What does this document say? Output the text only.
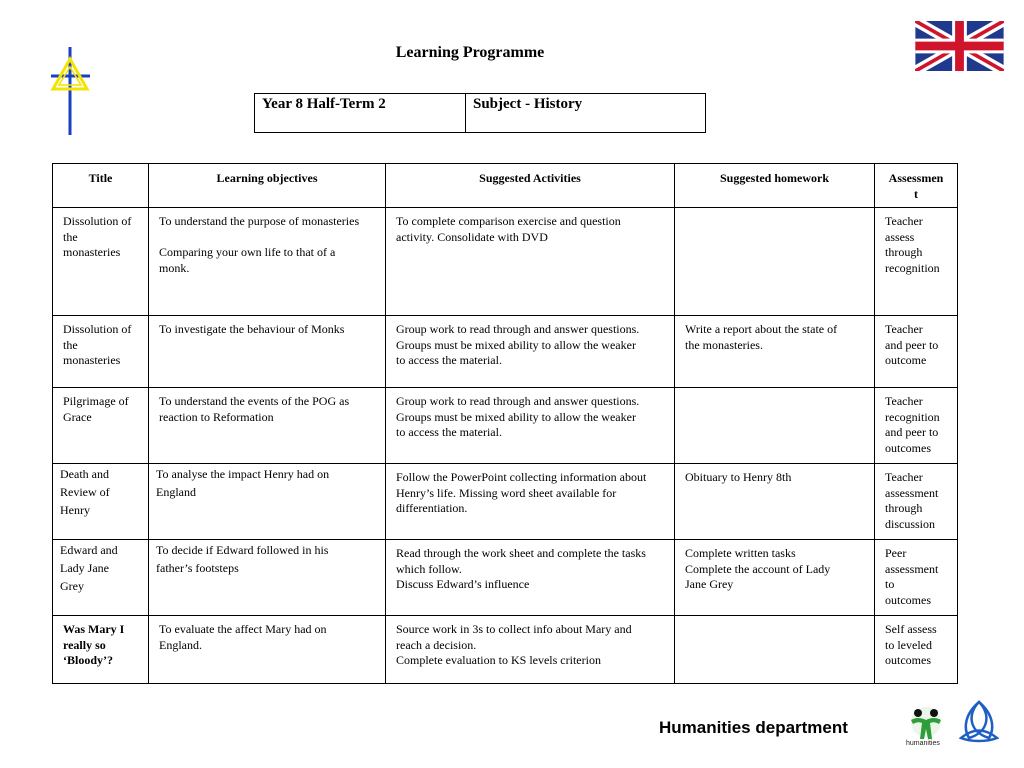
Learning Programme
Year 8 Half-Term 2	Subject - History
Title	Learning objectives	Suggested Activities	Suggested homework	Assessmen
t
Dissolution of
the
monasteries	To understand the purpose of monasteries

Comparing your own life to that of a
monk.	To complete comparison exercise and question
activity. Consolidate with DVD		Teacher
assess
through
recognition
Dissolution of
the
monasteries	To investigate the behaviour of Monks	Group work to read through and answer questions.
Groups must be mixed ability to allow the weaker
to access the material.	Write a report about the state of
the monasteries.	Teacher
and peer to
outcome
Pilgrimage of
Grace	To understand the events of the POG as
reaction to Reformation	Group work to read through and answer questions.
Groups must be mixed ability to allow the weaker
to access the material.		Teacher
recognition
and peer to
outcomes
Death and
Review of
Henry	To analyse the impact Henry had on
England	Follow the PowerPoint collecting information about
Henry’s life. Missing word sheet available for
differentiation.	Obituary to Henry 8th	Teacher
assessment
through
discussion
Edward and
Lady Jane
Grey	To decide if Edward followed in his
father’s footsteps	Read through the work sheet and complete the tasks
which follow.
Discuss Edward’s influence	Complete written tasks
Complete the account of Lady
Jane Grey	Peer
assessment
to
outcomes
Was Mary I
really so
‘Bloody’?	To evaluate the affect Mary had on
England.	Source work in 3s to collect info about Mary and
reach a decision.
Complete evaluation to KS levels criterion		Self assess
to leveled
outcomes
Humanities department
humanities
